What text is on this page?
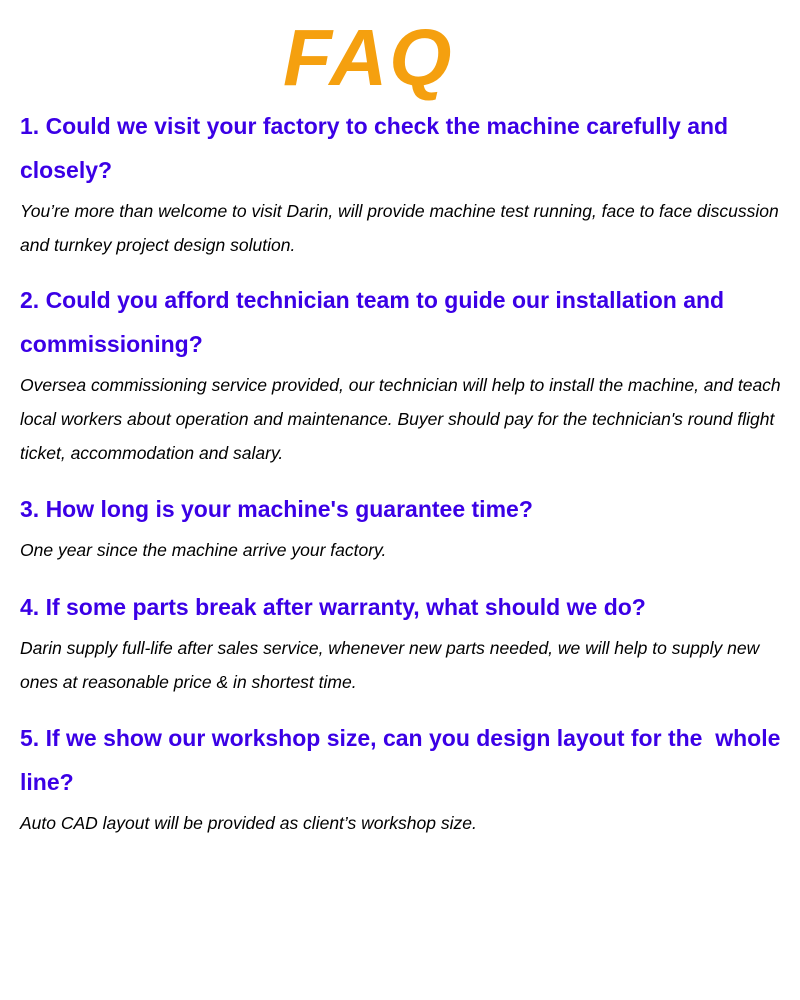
FAQ
1. Could we visit your factory to check the machine carefully and closely?

You’re more than welcome to visit Darin, will provide machine test running, face to face discussion and turnkey project design solution.

2. Could you afford technician team to guide our installation and  commissioning?

Oversea commissioning service provided, our technician will help to install the machine, and teach local workers about operation and maintenance. Buyer should pay for the technician's round flight ticket, accommodation and salary.

3. How long is your machine's guarantee time?

One year since the machine arrive your factory.

4. If some parts break after warranty, what should we do?

Darin supply full-life after sales service, whenever new parts needed, we will help to supply new ones at reasonable price & in shortest time.

5. If we show our workshop size, can you design layout for the  whole line?

Auto CAD layout will be provided as client’s workshop size.
